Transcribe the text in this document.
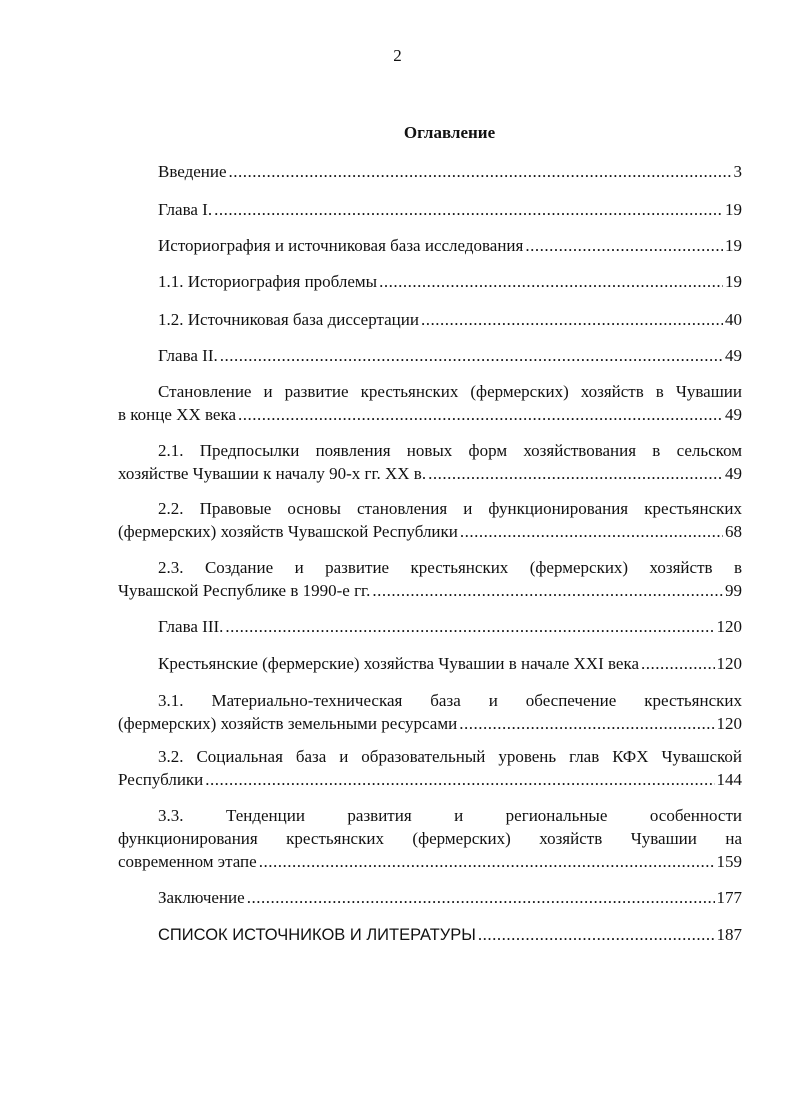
2
Оглавление
Введение .....	3
Глава I. .....	19
Историография и источниковая база исследования .....	19
1.1. Историография проблемы .....	19
1.2. Источниковая база диссертации .....	40
Глава II. .....	49
Становление и развитие крестьянских (фермерских) хозяйств в Чувашии
в конце XX века .....	49
2.1. Предпосылки появления новых форм хозяйствования в сельском
хозяйстве Чувашии к началу 90-х гг. XX в. .....	49
2.2. Правовые основы становления и функционирования крестьянских
(фермерских) хозяйств Чувашской Республики .....	68
2.3. Создание и развитие крестьянских (фермерских) хозяйств в
Чувашской Республике в 1990-е гг. .....	99
Глава III. .....	120
Крестьянские (фермерские) хозяйства Чувашии в начале XXI века .....	120
3.1. Материально-техническая база и обеспечение крестьянских
(фермерских) хозяйств земельными ресурсами .....	120
3.2. Социальная база и образовательный уровень глав КФХ Чувашской
Республики .....	144
3.3. Тенденции развития и региональные особенности
функционирования крестьянских (фермерских) хозяйств Чувашии на
современном этапе .....	159
Заключение .....	177
СПИСОК ИСТОЧНИКОВ И ЛИТЕРАТУРЫ .....	187
